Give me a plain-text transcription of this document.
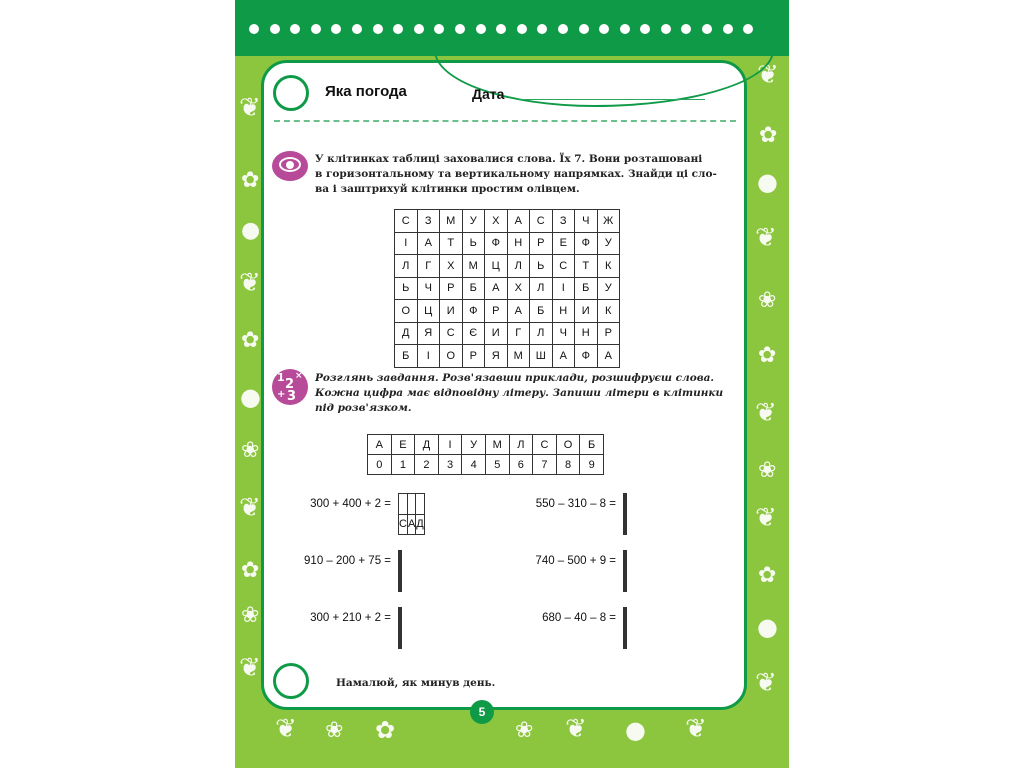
❦
✿
●
❦
✿
●
❀
❦
✿
❀
❦
❦
✿
●
❦
❀
✿
❦
❀
❦
✿
●
❦
❦ ❀ ✿	❀ ❦ ● ❦
Яка погода	Дата
У клітинках таблиці заховалися слова. Їх 7. Вони розташовані
в горизонтальному та вертикальному напрямках. Знайди ці сло-
ва і заштрихуй клітинки простим олівцем.
С	З	М	У	Х	А	С	З	Ч	Ж
І	А	Т	Ь	Ф	Н	Р	Е	Ф	У
Л	Г	Х	М	Ц	Л	Ь	С	Т	К
Ь	Ч	Р	Б	А	Х	Л	І	Б	У
О	Ц	И	Ф	Р	А	Б	Н	И	К
Д	Я	С	Є	И	Г	Л	Ч	Н	Р
Б	І	О	Р	Я	М	Ш	А	Ф	А
1 2
×
+ 3
Розглянь завдання. Розв'язавши приклади, розшифруєш слова.
Кожна цифра має відповідну літеру. Запиши літери в клітинки
під розв'язком.
А	Е	Д	І	У	М	Л	С	О	Б
0	1	2	3	4	5	6	7	8	9
300 + 400 + 2 =

С	А	Д
550 – 310 – 8 =

910 – 200 + 75 =

			740 – 500 + 9 =

300 + 210 + 2 =

			680 – 40 – 8 =

Намалюй, як минув день.
5
